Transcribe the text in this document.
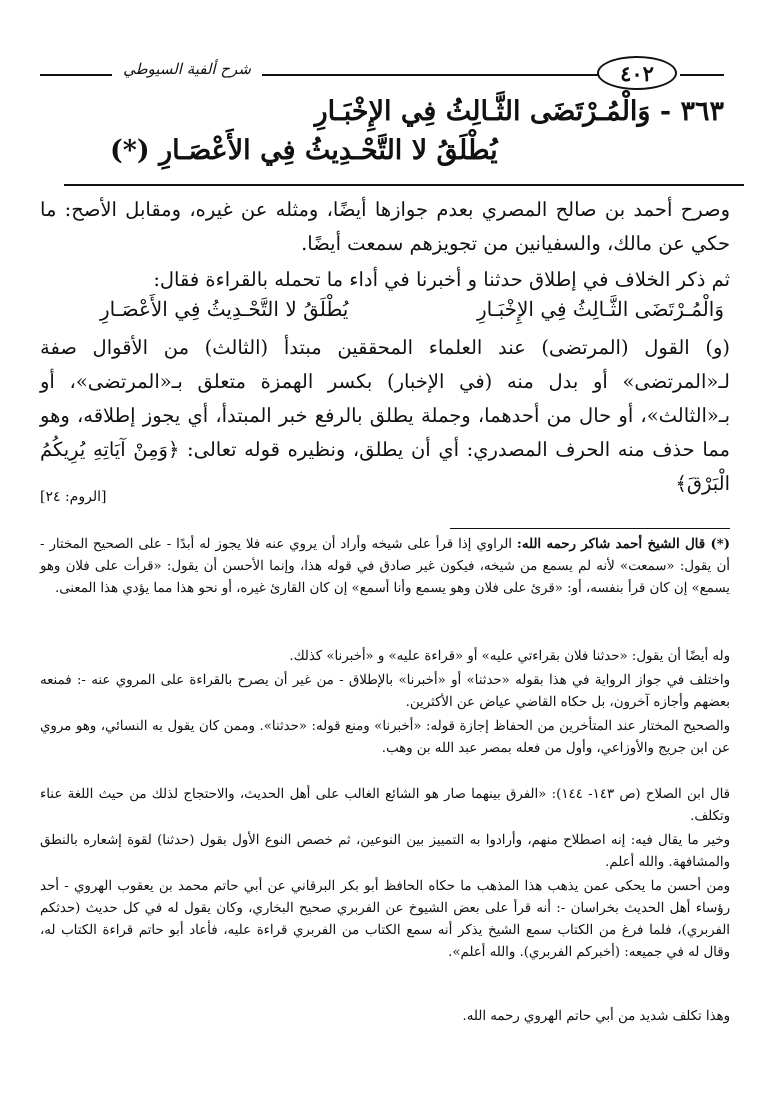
٤٠٢
شرح ألفية السيوطي
٣٦٣ - وَالْمُـرْتَضَى الثَّـالِثُ فِي الإِخْبَـارِ
يُطْلَقُ لا التَّحْـدِيثُ فِي الأَعْصَـارِ (*)
وصرح أحمد بن صالح المصري بعدم جوازها أيضًا، ومثله عن غيره، ومقابل الأصح: ما حكي عن مالك، والسفيانين من تجويزهم سمعت أيضًا.
ثم ذكر الخلاف في إطلاق حدثنا و أخبرنا في أداء ما تحمله بالقراءة فقال:
وَالْمُـرْتَضَى الثَّـالِثُ فِي الإِخْبَـارِ
يُطْلَقُ لا التَّحْـدِيثُ فِي الأَعْصَـارِ
(و) القول (المرتضى) عند العلماء المحققين مبتدأ (الثالث) من الأقوال صفة لـ«المرتضى» أو بدل منه (في الإخبار) بكسر الهمزة متعلق بـ«المرتضى»، أو بـ«الثالث»، أو حال من أحدهما، وجملة يطلق بالرفع خبر المبتدأ، أي يجوز إطلاقه، وهو مما حذف منه الحرف المصدري: أي أن يطلق، ونظيره قوله تعالى: ﴿وَمِنْ آيَاتِهِ يُرِيكُمُ الْبَرْقَ﴾
[الروم: ٢٤]
(*) قال الشيخ أحمد شاكر رحمه الله: الراوي إذا قرأ على شيخه وأراد أن يروي عنه فلا يجوز له أبدًا - على الصحيح المختار - أن يقول: «سمعت» لأنه لم يسمع من شيخه، فيكون غير صادق في قوله هذا، وإنما الأحسن أن يقول: «قرأت على فلان وهو يسمع» إن كان قرأ بنفسه، أو: «قرئ على فلان وهو يسمع وأنا أسمع» إن كان القارئ غيره، أو نحو هذا مما يؤدي هذا المعنى.
وله أيضًا أن يقول: «حدثنا فلان بقراءتي عليه» أو «قراءة عليه» و «أخبرنا» كذلك.
واختلف في جواز الرواية في هذا بقوله «حدثنا» أو «أخبرنا» بالإطلاق - من غير أن يصرح بالقراءة على المروي عنه -: فمنعه بعضهم وأجازه آخرون، بل حكاه القاضي عياض عن الأكثرين.
والصحيح المختار عند المتأخرين من الحفاظ إجازة قوله: «أخبرنا» ومنع قوله: «حدثنا». وممن كان يقول به النسائي، وهو مروي عن ابن جريج والأوزاعي، وأول من فعله بمصر عبد الله بن وهب.
قال ابن الصلاح (ص ١٤٣- ١٤٤): «الفرق بينهما صار هو الشائع الغالب على أهل الحديث، والاحتجاج لذلك من حيث اللغة عناء وتكلف.
وخير ما يقال فيه: إنه اصطلاح منهم، وأرادوا به التمييز بين النوعين، ثم خصص النوع الأول بقول (حدثنا) لقوة إشعاره بالنطق والمشافهة. والله أعلم.
ومن أحسن ما يحكى عمن يذهب هذا المذهب ما حكاه الحافظ أبو بكر البرقاني عن أبي حاتم محمد بن يعقوب الهروي - أحد رؤساء أهل الحديث بخراسان -: أنه قرأ على بعض الشيوخ عن الفربري صحيح البخاري، وكان يقول له في كل حديث (حدثكم الفربري)، فلما فرغ من الكتاب سمع الشيخ يذكر أنه سمع الكتاب من الفربري قراءة عليه، فأعاد أبو حاتم قراءة الكتاب له، وقال له في جميعه: (أخبركم الفربري). والله أعلم».
وهذا تكلف شديد من أبي حاتم الهروي رحمه الله.
